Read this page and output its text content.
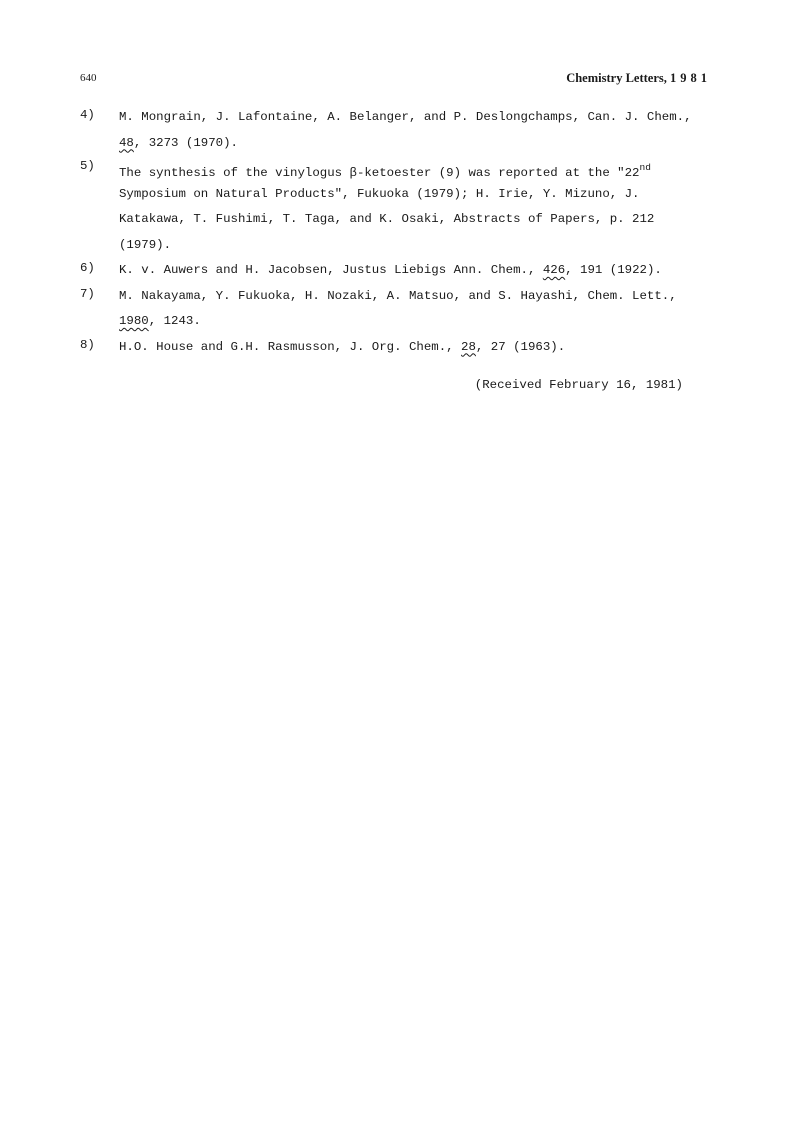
640	Chemistry Letters, 1981
4) M. Mongrain, J. Lafontaine, A. Belanger, and P. Deslongchamps, Can. J. Chem.,
48, 3273 (1970).
5) The synthesis of the vinylogus β-ketoester (9) was reported at the "22nd
Symposium on Natural Products", Fukuoka (1979); H. Irie, Y. Mizuno, J.
Katakawa, T. Fushimi, T. Taga, and K. Osaki, Abstracts of Papers, p. 212
(1979).
6) K. v. Auwers and H. Jacobsen, Justus Liebigs Ann. Chem., 426, 191 (1922).
7) M. Nakayama, Y. Fukuoka, H. Nozaki, A. Matsuo, and S. Hayashi, Chem. Lett.,
1980, 1243.
8) H.O. House and G.H. Rasmusson, J. Org. Chem., 28, 27 (1963).
(Received February 16, 1981)
